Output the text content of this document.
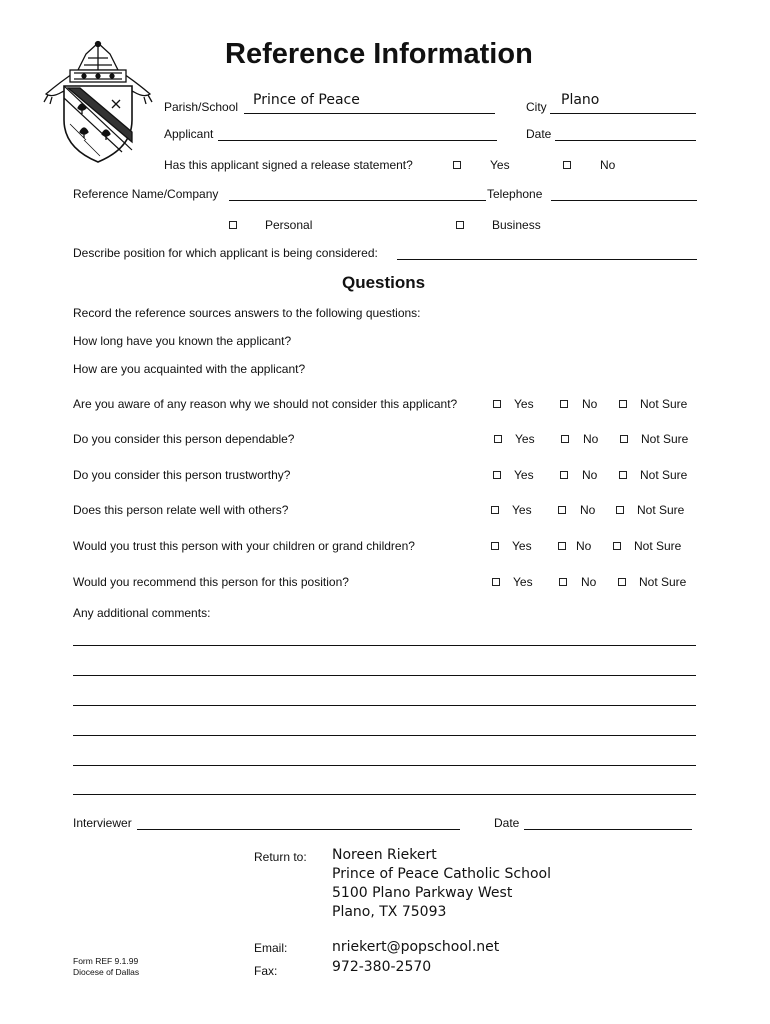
Reference Information
Parish/School Prince of Peace	City Plano
Applicant	Date
Has this applicant signed a release statement?	Yes	No
Reference Name/Company	Telephone
Personal	Business
Describe position for which applicant is being considered:
Questions
Record the reference sources answers to the following questions:
How long have you known the applicant?
How are you acquainted with the applicant?
Are you aware of any reason why we should not consider this applicant?	Yes	No	Not Sure
Do you consider this person dependable?	Yes	No	Not Sure
Do you consider this person trustworthy?	Yes	No	Not Sure
Does this person relate well with others?	Yes	No	Not Sure
Would you trust this person with your children or grand children?	Yes	No	Not Sure
Would you recommend this person for this position?	Yes	No	Not Sure
Any additional comments:
Interviewer	Date
Return to: Noreen Riekert
Prince of Peace Catholic School
5100 Plano Parkway West
Plano, TX 75093
Email:	nriekert@popschool.net
Fax:	972-380-2570
Form REF 9.1.99
Diocese of Dallas
